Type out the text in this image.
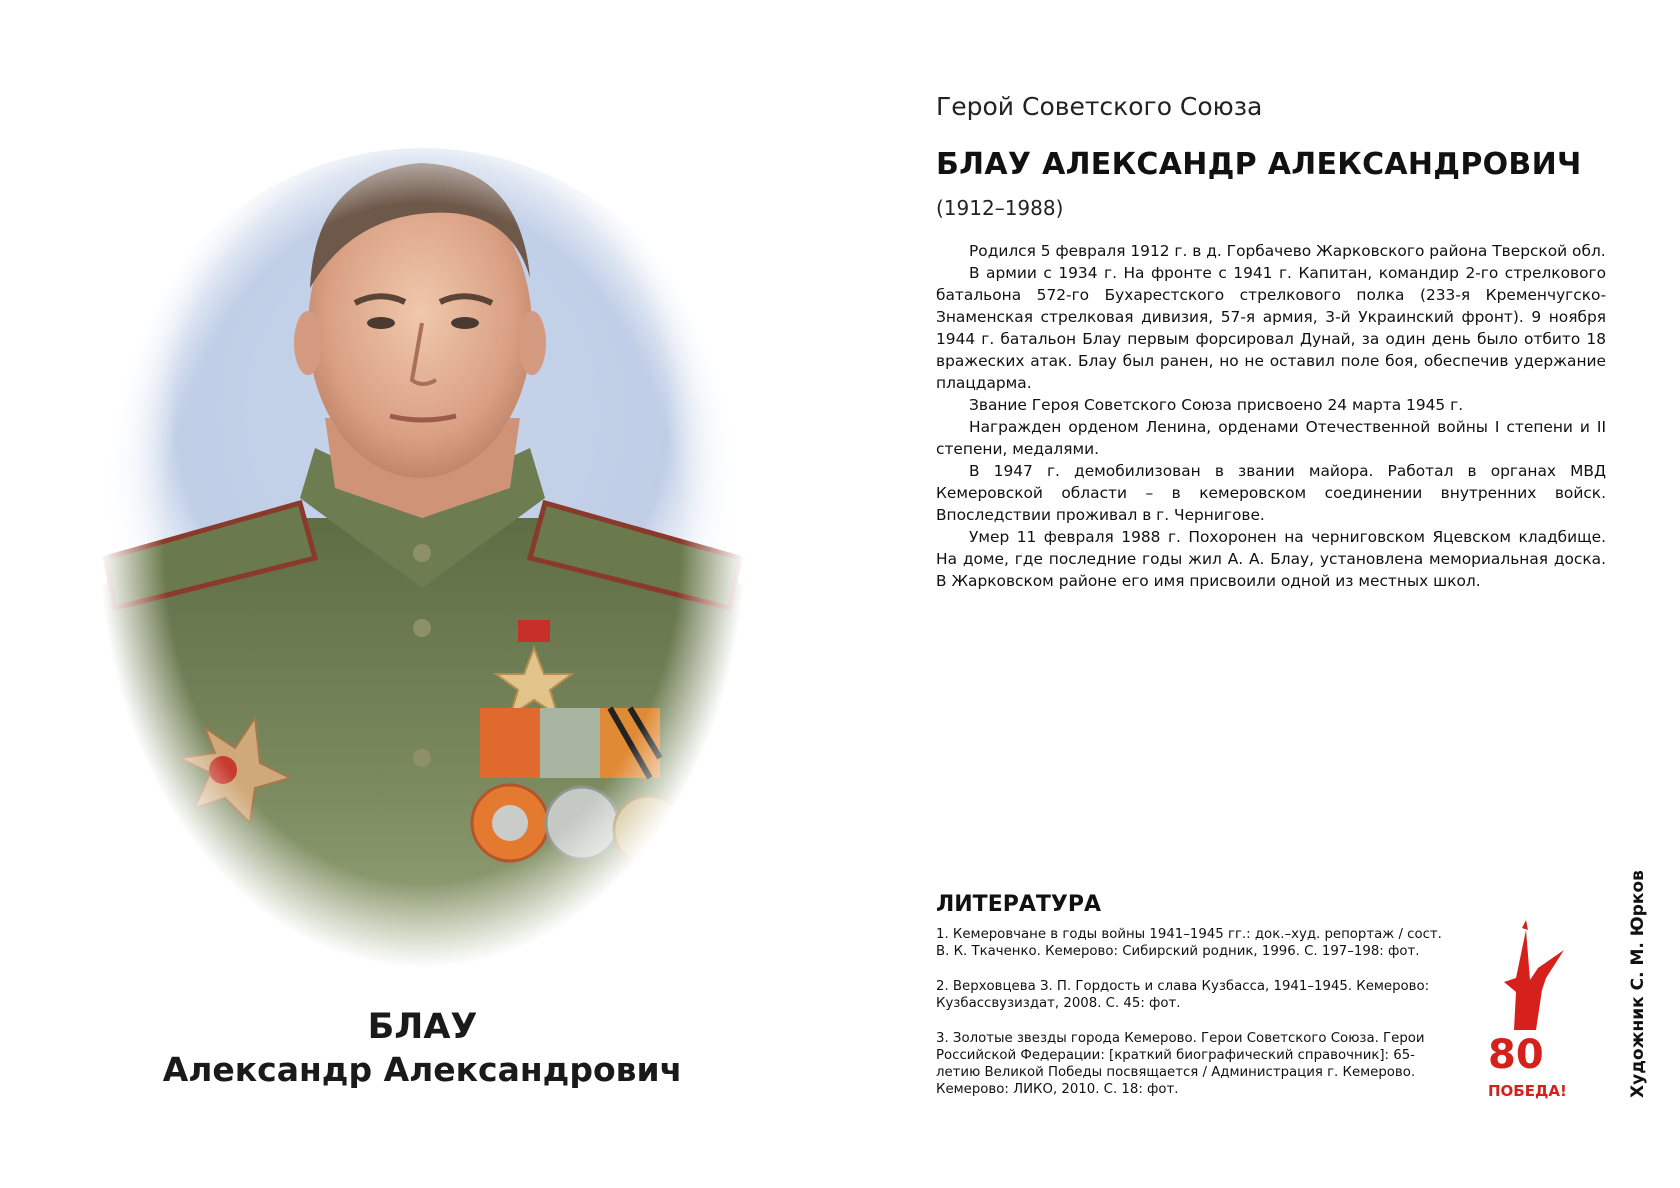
БЛАУ
Александр Александрович
Герой Советского Союза
БЛАУ АЛЕКСАНДР АЛЕКСАНДРОВИЧ
(1912–1988)

Родился 5 февраля 1912 г. в д. Горбачево Жарковского района Тверской обл.

В армии с 1934 г. На фронте с 1941 г. Капитан, командир 2-го стрелкового батальона 572-го Бухарестского стрелкового полка (233-я Кременчугско-Знаменская стрелковая дивизия, 57-я армия, 3-й Украинский фронт). 9 ноября 1944 г. батальон Блау первым форсировал Дунай, за один день было отбито 18 вражеских атак. Блау был ранен, но не оставил поле боя, обеспечив удержание плацдарма.

Звание Героя Советского Союза присвоено 24 марта 1945 г.

Награжден орденом Ленина, орденами Отечественной войны I степени и II степени, медалями.

В 1947 г. демобилизован в звании майора. Работал в органах МВД Кемеровской области – в кемеровском соединении внутренних войск. Впоследствии проживал в г. Чернигове.

Умер 11 февраля 1988 г. Похоронен на черниговском Яцевском кладбище. На доме, где последние годы жил А. А. Блау, установлена мемориальная доска. В Жарковском районе его имя присвоили одной из местных школ.

ЛИТЕРАТУРА
1. Кемеровчане в годы войны 1941–1945 гг.: док.–худ. репортаж / сост. В. К. Ткаченко. Кемерово: Сибирский родник, 1996. С. 197–198: фот.
2. Верховцева З. П. Гордость и слава Кузбасса, 1941–1945. Кемерово: Кузбассвузиздат, 2008. С. 45: фот.
3. Золотые звезды города Кемерово. Герои Советского Союза. Герои Российской Федерации: [краткий биографический справочник]: 65-летию Великой Победы посвящается / Администрация г. Кемерово. Кемерово: ЛИКО, 2010. С. 18: фот.
80
ПОБЕДА!	Художник С. М. Юрков
